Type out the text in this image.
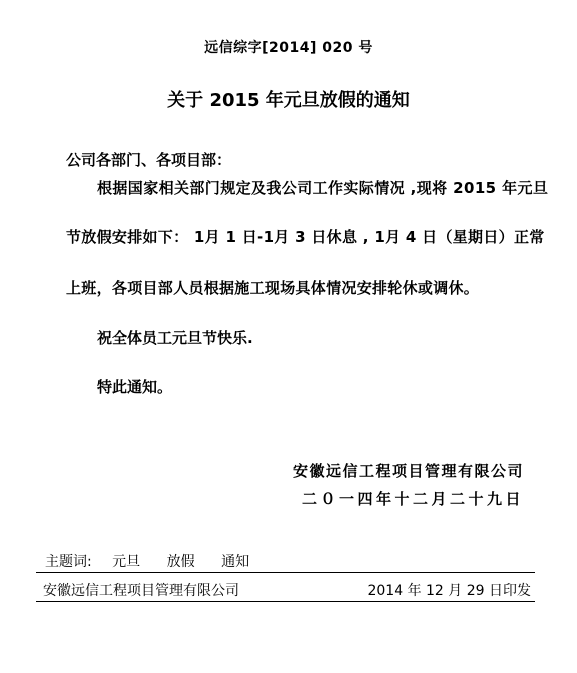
远信综字[2014] 020 号
关于 2015 年元旦放假的通知
公司各部门、各项目部：
根据国家相关部门规定及我公司工作实际情况 ,现将 2015 年元旦
节放假安排如下： 1月 1 日-1月 3 日休息 , 1月 4 日（星期日）正常
上班，各项目部人员根据施工现场具体情况安排轮休或调休。
祝全体员工元旦节快乐.
特此通知。
安徽远信工程项目管理有限公司
二０一四年十二月二十九日
主题词: 元旦 放假 通知
安徽远信工程项目管理有限公司	2014 年 12 月 29 日印发
